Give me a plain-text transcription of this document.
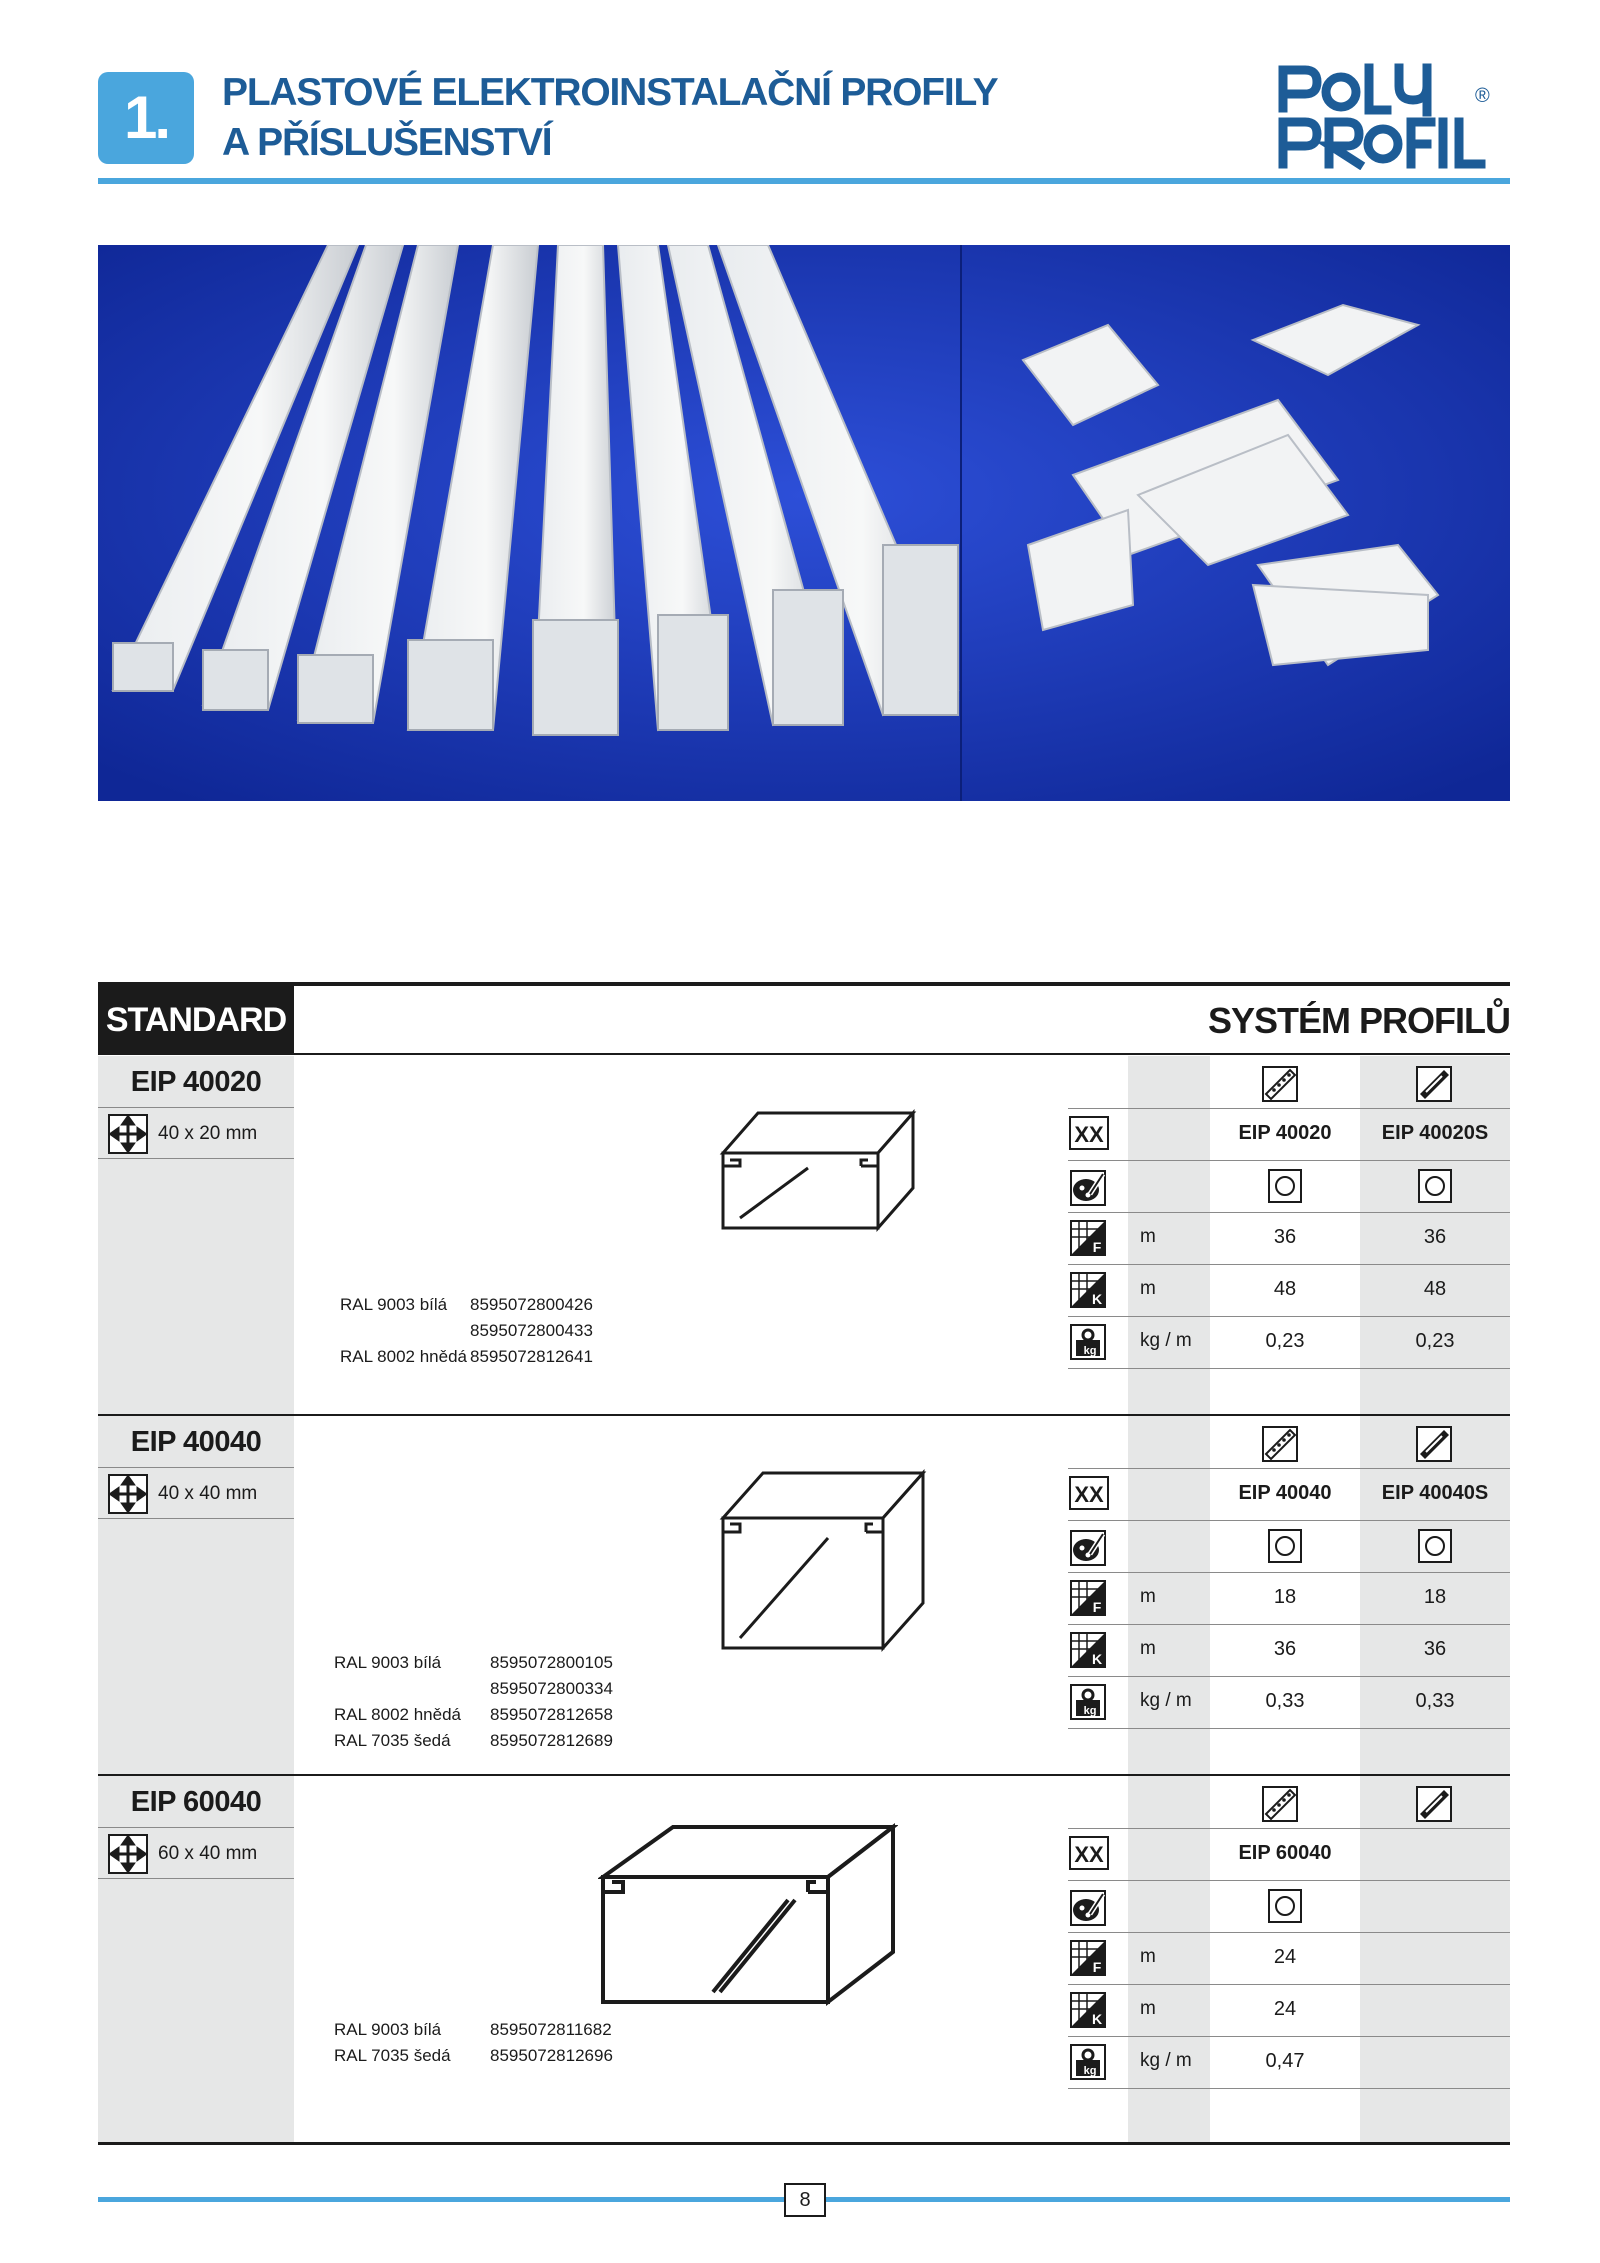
1.	PLASTOVÉ ELEKTROINSTALAČNÍ PROFILY
A PŘÍSLUŠENSTVÍ
®
STANDARD	SYSTÉM PROFILŮ
EIP 40020
40 x 20 mm
RAL 9003 bílá 8595072800426
8595072800433
RAL 8002 hnědá 8595072812641
XX	EIP 40020	EIP 40020S
F m	36	36
K m	48	48
kg kg / m	0,23	0,23
EIP 40040
40 x 40 mm
RAL 9003 bílá	8595072800105
8595072800334
RAL 8002 hnědá 8595072812658
RAL 7035 šedá 8595072812689
XX	EIP 40040	EIP 40040S
F m	18	18
K m	36	36
kg kg / m	0,33	0,33
EIP 60040
60 x 40 mm
RAL 9003 bílá	8595072811682
RAL 7035 šedá 8595072812696
XX	EIP 60040
F m	24
K m	24
kg kg / m	0,47
8
